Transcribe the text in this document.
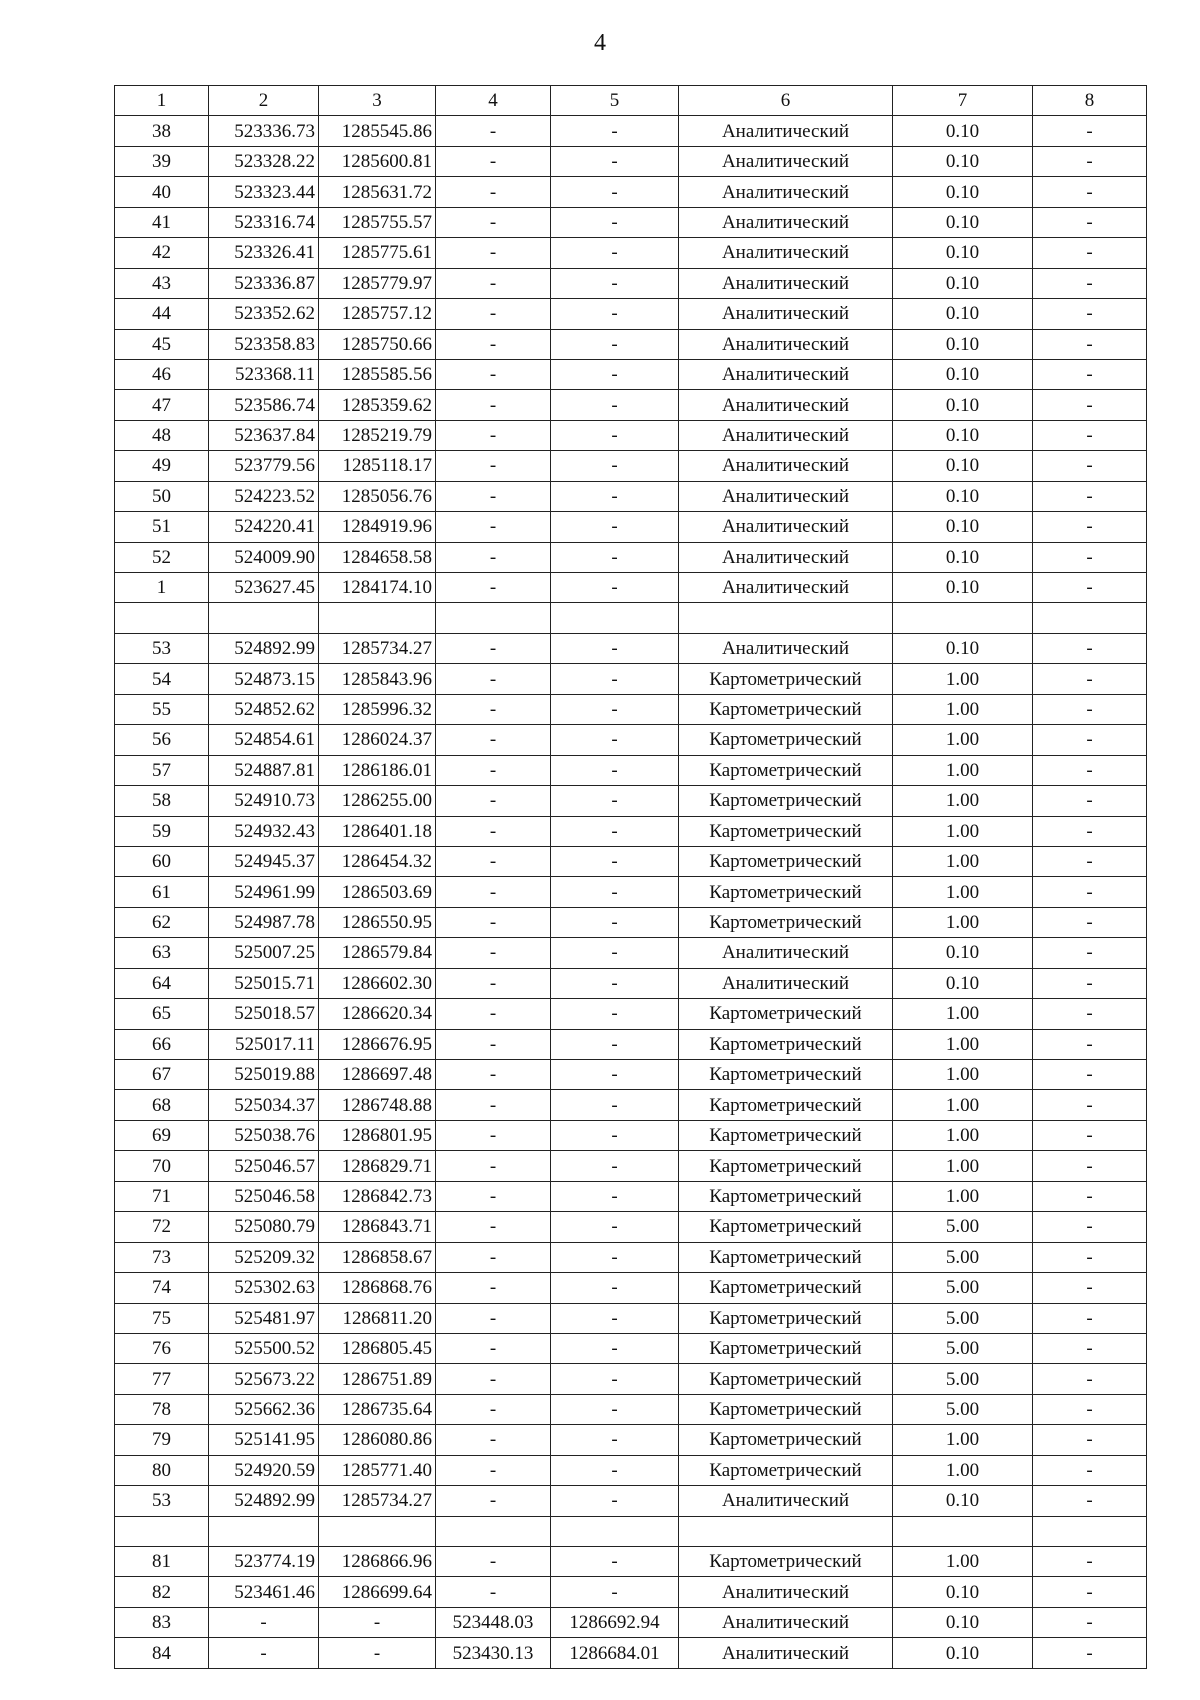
4
1	2	3	4	5	6	7	8
38	523336.73	1285545.86	-	-	Аналитический	0.10	-
39	523328.22	1285600.81	-	-	Аналитический	0.10	-
40	523323.44	1285631.72	-	-	Аналитический	0.10	-
41	523316.74	1285755.57	-	-	Аналитический	0.10	-
42	523326.41	1285775.61	-	-	Аналитический	0.10	-
43	523336.87	1285779.97	-	-	Аналитический	0.10	-
44	523352.62	1285757.12	-	-	Аналитический	0.10	-
45	523358.83	1285750.66	-	-	Аналитический	0.10	-
46	523368.11	1285585.56	-	-	Аналитический	0.10	-
47	523586.74	1285359.62	-	-	Аналитический	0.10	-
48	523637.84	1285219.79	-	-	Аналитический	0.10	-
49	523779.56	1285118.17	-	-	Аналитический	0.10	-
50	524223.52	1285056.76	-	-	Аналитический	0.10	-
51	524220.41	1284919.96	-	-	Аналитический	0.10	-
52	524009.90	1284658.58	-	-	Аналитический	0.10	-
1	523627.45	1284174.10	-	-	Аналитический	0.10	-

53	524892.99	1285734.27	-	-	Аналитический	0.10	-
54	524873.15	1285843.96	-	-	Картометрический	1.00	-
55	524852.62	1285996.32	-	-	Картометрический	1.00	-
56	524854.61	1286024.37	-	-	Картометрический	1.00	-
57	524887.81	1286186.01	-	-	Картометрический	1.00	-
58	524910.73	1286255.00	-	-	Картометрический	1.00	-
59	524932.43	1286401.18	-	-	Картометрический	1.00	-
60	524945.37	1286454.32	-	-	Картометрический	1.00	-
61	524961.99	1286503.69	-	-	Картометрический	1.00	-
62	524987.78	1286550.95	-	-	Картометрический	1.00	-
63	525007.25	1286579.84	-	-	Аналитический	0.10	-
64	525015.71	1286602.30	-	-	Аналитический	0.10	-
65	525018.57	1286620.34	-	-	Картометрический	1.00	-
66	525017.11	1286676.95	-	-	Картометрический	1.00	-
67	525019.88	1286697.48	-	-	Картометрический	1.00	-
68	525034.37	1286748.88	-	-	Картометрический	1.00	-
69	525038.76	1286801.95	-	-	Картометрический	1.00	-
70	525046.57	1286829.71	-	-	Картометрический	1.00	-
71	525046.58	1286842.73	-	-	Картометрический	1.00	-
72	525080.79	1286843.71	-	-	Картометрический	5.00	-
73	525209.32	1286858.67	-	-	Картометрический	5.00	-
74	525302.63	1286868.76	-	-	Картометрический	5.00	-
75	525481.97	1286811.20	-	-	Картометрический	5.00	-
76	525500.52	1286805.45	-	-	Картометрический	5.00	-
77	525673.22	1286751.89	-	-	Картометрический	5.00	-
78	525662.36	1286735.64	-	-	Картометрический	5.00	-
79	525141.95	1286080.86	-	-	Картометрический	1.00	-
80	524920.59	1285771.40	-	-	Картометрический	1.00	-
53	524892.99	1285734.27	-	-	Аналитический	0.10	-

81	523774.19	1286866.96	-	-	Картометрический	1.00	-
82	523461.46	1286699.64	-	-	Аналитический	0.10	-
83	-	-	523448.03	1286692.94	Аналитический	0.10	-
84	-	-	523430.13	1286684.01	Аналитический	0.10	-
